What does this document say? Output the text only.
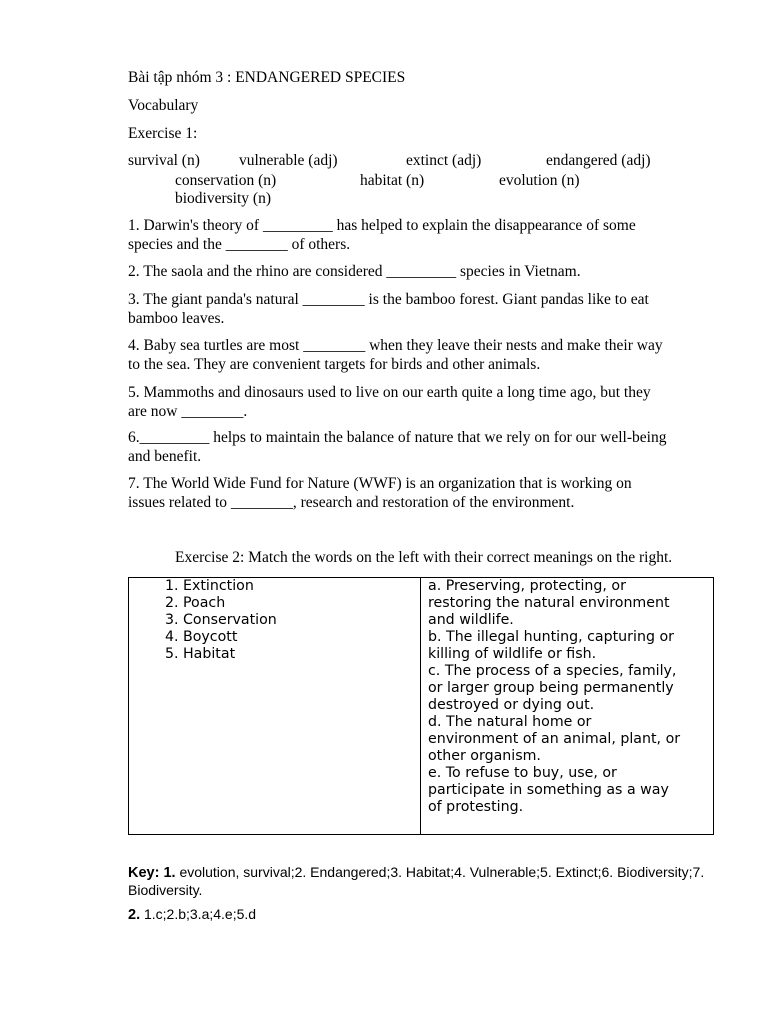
Bài tập nhóm 3 : ENDANGERED SPECIES
Vocabulary
Exercise 1:
survival (n)	vulnerable (adj)	extinct (adj)	endangered (adj)
conservation (n)	habitat (n)	evolution (n)
biodiversity (n)
1. Darwin's theory of _________ has helped to explain the disappearance of some
species and the ________ of others.
2. The saola and the rhino are considered _________ species in Vietnam.
3. The giant panda's natural ________ is the bamboo forest. Giant pandas like to eat
bamboo leaves.
4. Baby sea turtles are most ________ when they leave their nests and make their way
to the sea. They are convenient targets for birds and other animals.
5. Mammoths and dinosaurs used to live on our earth quite a long time ago, but they
are now ________.
6._________ helps to maintain the balance of nature that we rely on for our well-being
and benefit.
7. The World Wide Fund for Nature (WWF) is an organization that is working on
issues related to ________, research and restoration of the environment.
Exercise 2: Match the words on the left with their correct meanings on the right.
1. Extinction
2. Poach
3. Conservation
4. Boycott
5. Habitat

a. Preserving, protecting, or
restoring the natural environment
and wildlife.
b. The illegal hunting, capturing or
killing of wildlife or fish.
c. The process of a species, family,
or larger group being permanently
destroyed or dying out.
d. The natural home or
environment of an animal, plant, or
other organism.
e. To refuse to buy, use, or
participate in something as a way
of protesting.
Key: 1. evolution, survival;2. Endangered;3. Habitat;4. Vulnerable;5. Extinct;6. Biodiversity;7. Biodiversity.
2. 1.c;2.b;3.a;4.e;5.d
